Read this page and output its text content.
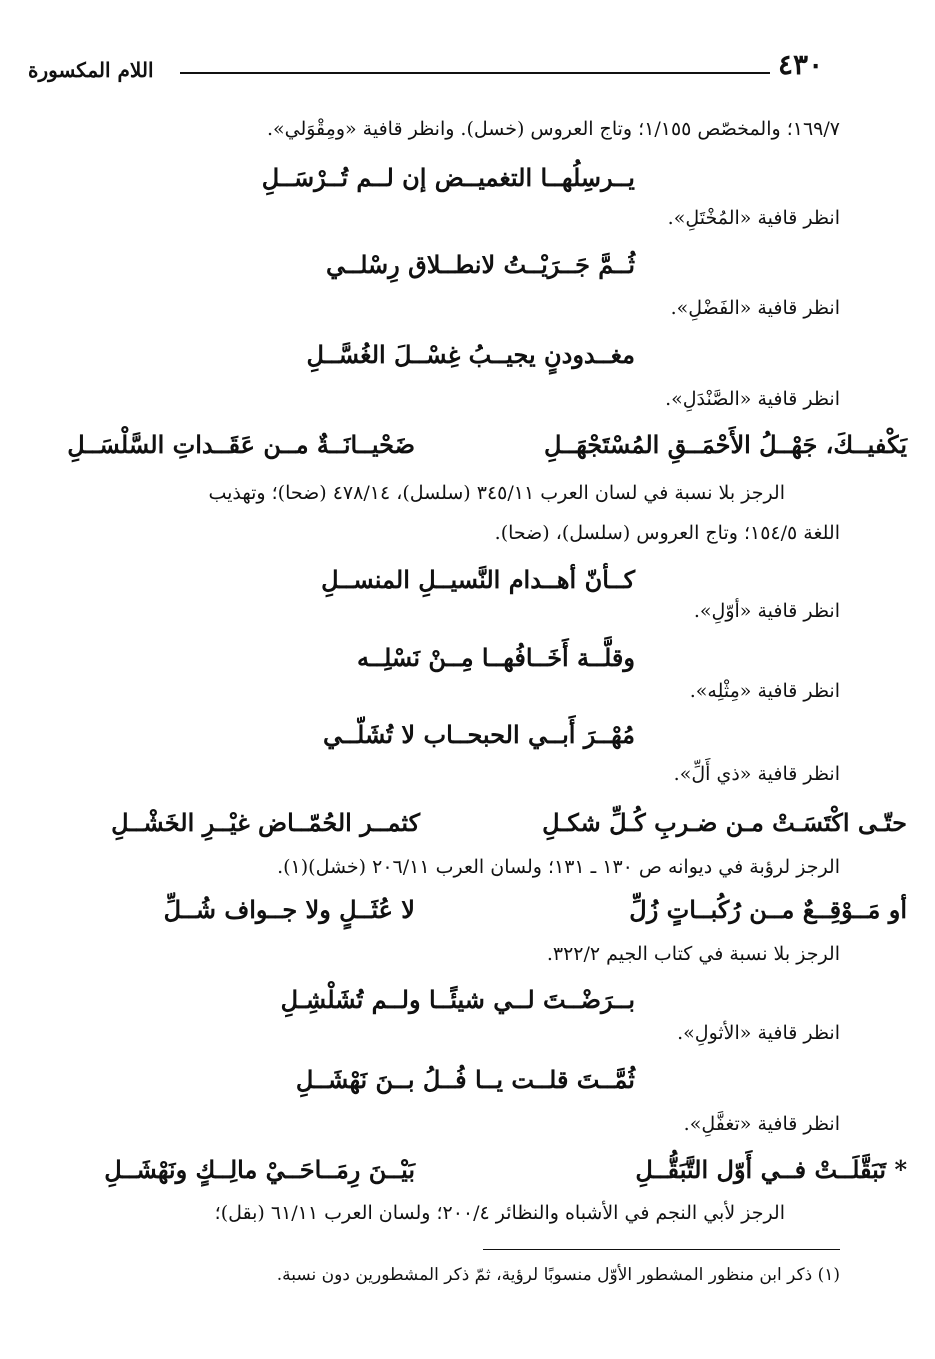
٤٣٠
اللام المكسورة
١٦٩/٧؛ والمخصّص ١/١٥٥؛ وتاج العروس (خسل). وانظر قافية «ومِقْوَلي».
يــرسِلُهــا التغميــض إن لــم تُــرْسَــلِ
انظر قافية «المُخْتَلِ».
ثُــمَّ جَــرَيْــتُ لانطــلاق رِسْلــي
انظر قافية «الفَضْلِ».
مغــدودنٍ يجيــبُ غِسْــلَ الغُسَّــلِ
انظر قافية «الصَّنْدَلِ».
يَكْفيــكَ، جَهْــلُ الأَحْمَــقِ المُسْتَجْهَــلِ
ضَحْيــانَــةٌ مــن عَقَــداتِ السَّلْسَــلِ
الرجز بلا نسبة في لسان العرب ٣٤٥/١١ (سلسل)، ٤٧٨/١٤ (ضحا)؛ وتهذيب
اللغة ١٥٤/٥؛ وتاج العروس (سلسل)، (ضحا).
كــأنّ أهــدام النَّسيــلِ المنســلِ
انظر قافية «أوّلِ».
وقلَّــة أَخَــافُهــا مِــنْ نَسْلِــه
انظر قافية «مِثْلِه».
مُهْــرَ أَبــي الحبحــاب لا تُشَلّــي
انظر قافية «ذي أَلِّ».
حتّـى اكْتَسَـتْ مـن ضـربِ كُـلِّ شكـلِ
كثمــر الحُمّــاض غيْــرِ الخَشْــلِ
الرجز لرؤبة في ديوانه ص ١٣٠ ـ ١٣١؛ ولسان العرب ٢٠٦/١١ (خشل)(١).
أو مَــوْقِــعٌ مــن رُكُبــاتٍ زُلِّ
لا عُثَــلٍ ولا جــواف شُــلِّ
الرجز بلا نسبة في كتاب الجيم ٣٢٢/٢.
بــرَضْــتَ لــي شيئًــا ولــم تُشَلْشِـلِ
انظر قافية «الأثولِ».
ثُمَّــتَ قلــت يــا فُــلُ بــنَ نَهْشَــلِ
انظر قافية «تغفَّلِ».
* تَبَقَّلَــتْ فــي أَوّل التَّبَقُّــلِ
بَيْــنَ رِمَــاحَــيْ مالِــكٍ ونَهْشَــلِ
الرجز لأبي النجم في الأشباه والنظائر ٢٠٠/٤؛ ولسان العرب ٦١/١١ (بقل)؛
(١) ذكر ابن منظور المشطور الأوّل منسوبًا لرؤية، ثمّ ذكر المشطورين دون نسبة.
